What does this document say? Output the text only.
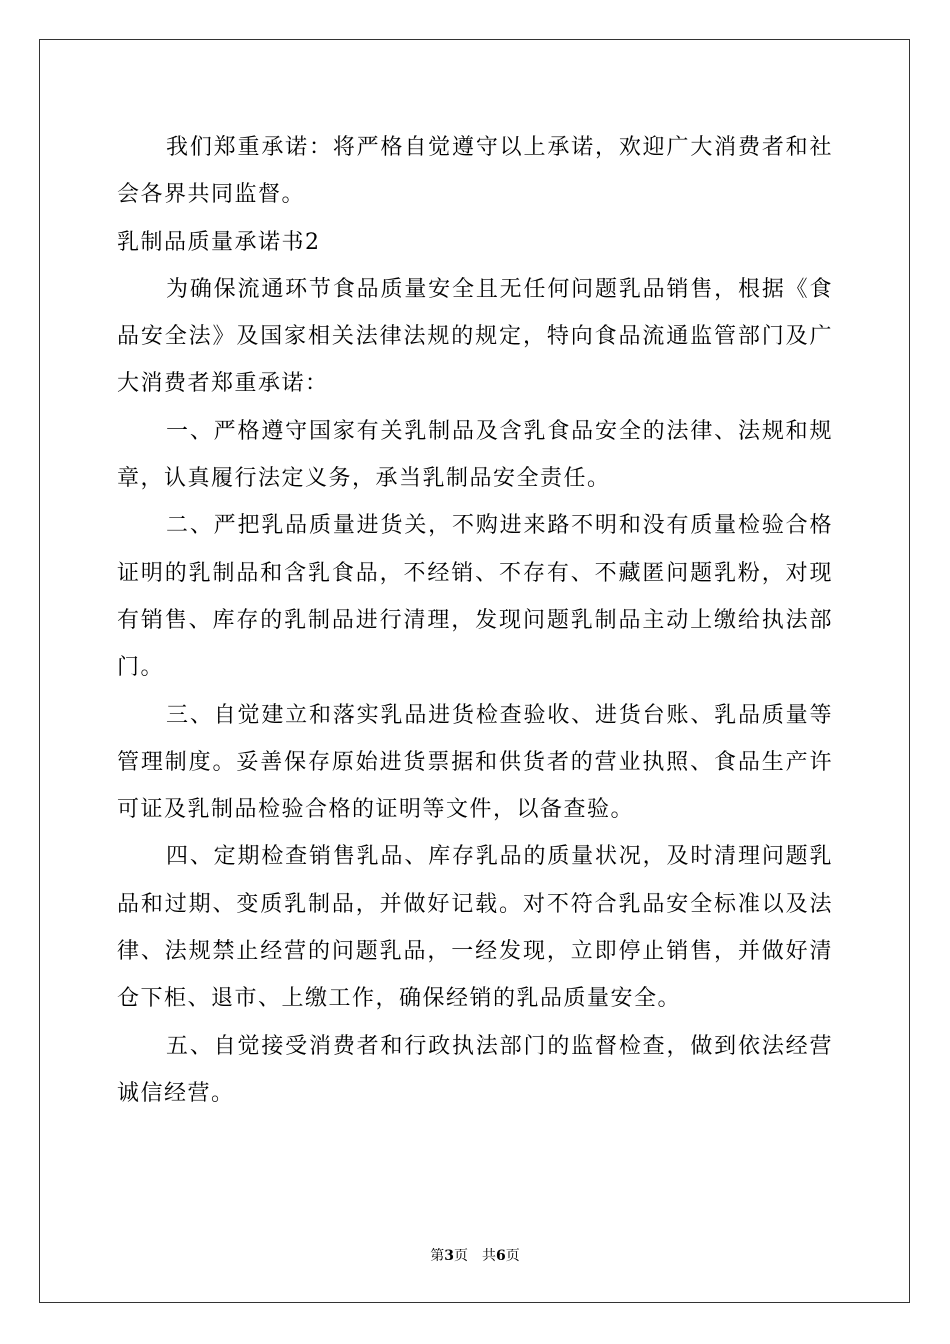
我们郑重承诺：将严格自觉遵守以上承诺，欢迎广大消费者和社会各界共同监督。

乳制品质量承诺书2

为确保流通环节食品质量安全且无任何问题乳品销售，根据《食品安全法》及国家相关法律法规的规定，特向食品流通监管部门及广大消费者郑重承诺：

一、严格遵守国家有关乳制品及含乳食品安全的法律、法规和规章，认真履行法定义务，承当乳制品安全责任。

二、严把乳品质量进货关，不购进来路不明和没有质量检验合格证明的乳制品和含乳食品，不经销、不存有、不藏匿问题乳粉，对现有销售、库存的乳制品进行清理，发现问题乳制品主动上缴给执法部门。

三、自觉建立和落实乳品进货检查验收、进货台账、乳品质量等管理制度。妥善保存原始进货票据和供货者的营业执照、食品生产许可证及乳制品检验合格的证明等文件，以备查验。

四、定期检查销售乳品、库存乳品的质量状况，及时清理问题乳品和过期、变质乳制品，并做好记载。对不符合乳品安全标准以及法律、法规禁止经营的问题乳品，一经发现，立即停止销售，并做好清仓下柜、退市、上缴工作，确保经销的乳品质量安全。

五、自觉接受消费者和行政执法部门的监督检查，做到依法经营诚信经营。

第3页 共6页
